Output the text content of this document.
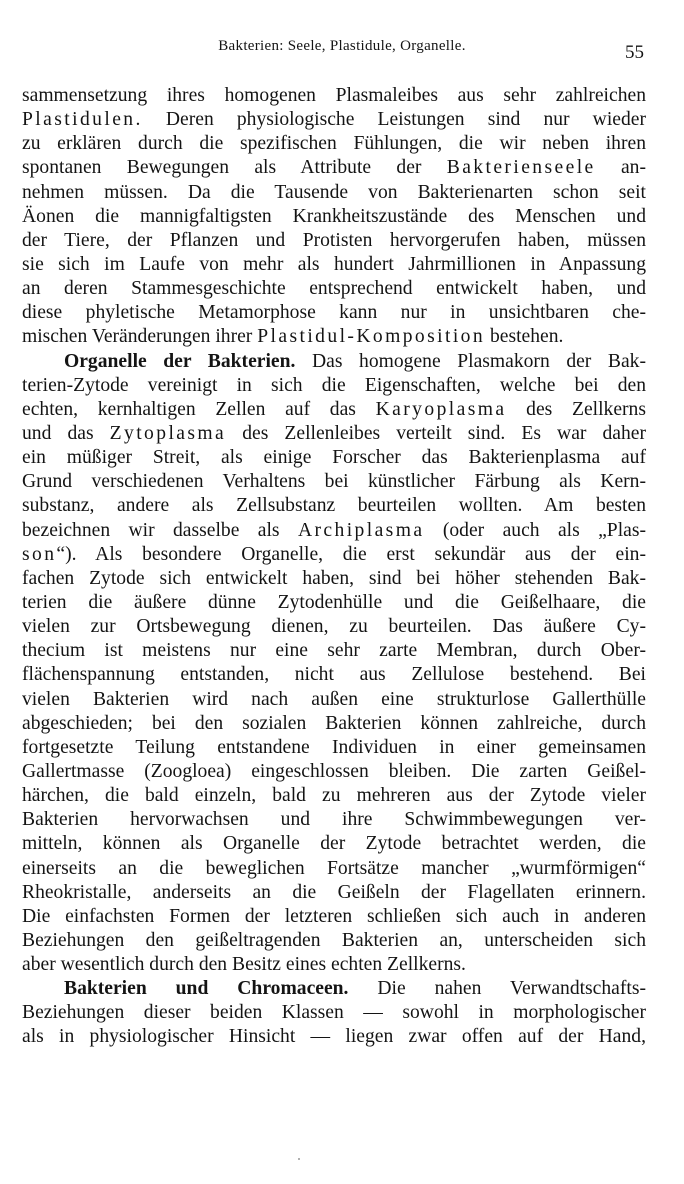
Bakterien: Seele, Plastidule, Organelle.	55
sammensetzung ihres homogenen Plasmaleibes aus sehr zahlreichen
Plastidulen. Deren physiologische Leistungen sind nur wieder
zu erklären durch die spezifischen Fühlungen, die wir neben ihren
spontanen Bewegungen als Attribute der Bakterienseele an-
nehmen müssen. Da die Tausende von Bakterienarten schon seit
Äonen die mannigfaltigsten Krankheitszustände des Menschen und
der Tiere, der Pflanzen und Protisten hervorgerufen haben, müssen
sie sich im Laufe von mehr als hundert Jahrmillionen in Anpassung
an deren Stammesgeschichte entsprechend entwickelt haben, und
diese phyletische Metamorphose kann nur in unsichtbaren che-
mischen Veränderungen ihrer Plastidul-Komposition bestehen.
Organelle der Bakterien. Das homogene Plasmakorn der Bak-
terien-Zytode vereinigt in sich die Eigenschaften, welche bei den
echten, kernhaltigen Zellen auf das Karyoplasma des Zellkerns
und das Zytoplasma des Zellenleibes verteilt sind. Es war daher
ein müßiger Streit, als einige Forscher das Bakterienplasma auf
Grund verschiedenen Verhaltens bei künstlicher Färbung als Kern-
substanz, andere als Zellsubstanz beurteilen wollten. Am besten
bezeichnen wir dasselbe als Archiplasma (oder auch als „Plas-
son“). Als besondere Organelle, die erst sekundär aus der ein-
fachen Zytode sich entwickelt haben, sind bei höher stehenden Bak-
terien die äußere dünne Zytodenhülle und die Geißelhaare, die
vielen zur Ortsbewegung dienen, zu beurteilen. Das äußere Cy-
thecium ist meistens nur eine sehr zarte Membran, durch Ober-
flächenspannung entstanden, nicht aus Zellulose bestehend. Bei
vielen Bakterien wird nach außen eine strukturlose Gallerthülle
abgeschieden; bei den sozialen Bakterien können zahlreiche, durch
fortgesetzte Teilung entstandene Individuen in einer gemeinsamen
Gallertmasse (Zoogloea) eingeschlossen bleiben. Die zarten Geißel-
härchen, die bald einzeln, bald zu mehreren aus der Zytode vieler
Bakterien hervorwachsen und ihre Schwimmbewegungen ver-
mitteln, können als Organelle der Zytode betrachtet werden, die
einerseits an die beweglichen Fortsätze mancher „wurmförmigen“
Rheokristalle, anderseits an die Geißeln der Flagellaten erinnern.
Die einfachsten Formen der letzteren schließen sich auch in anderen
Beziehungen den geißeltragenden Bakterien an, unterscheiden sich
aber wesentlich durch den Besitz eines echten Zellkerns.
Bakterien und Chromaceen. Die nahen Verwandtschafts-
Beziehungen dieser beiden Klassen — sowohl in morphologischer
als in physiologischer Hinsicht — liegen zwar offen auf der Hand,
